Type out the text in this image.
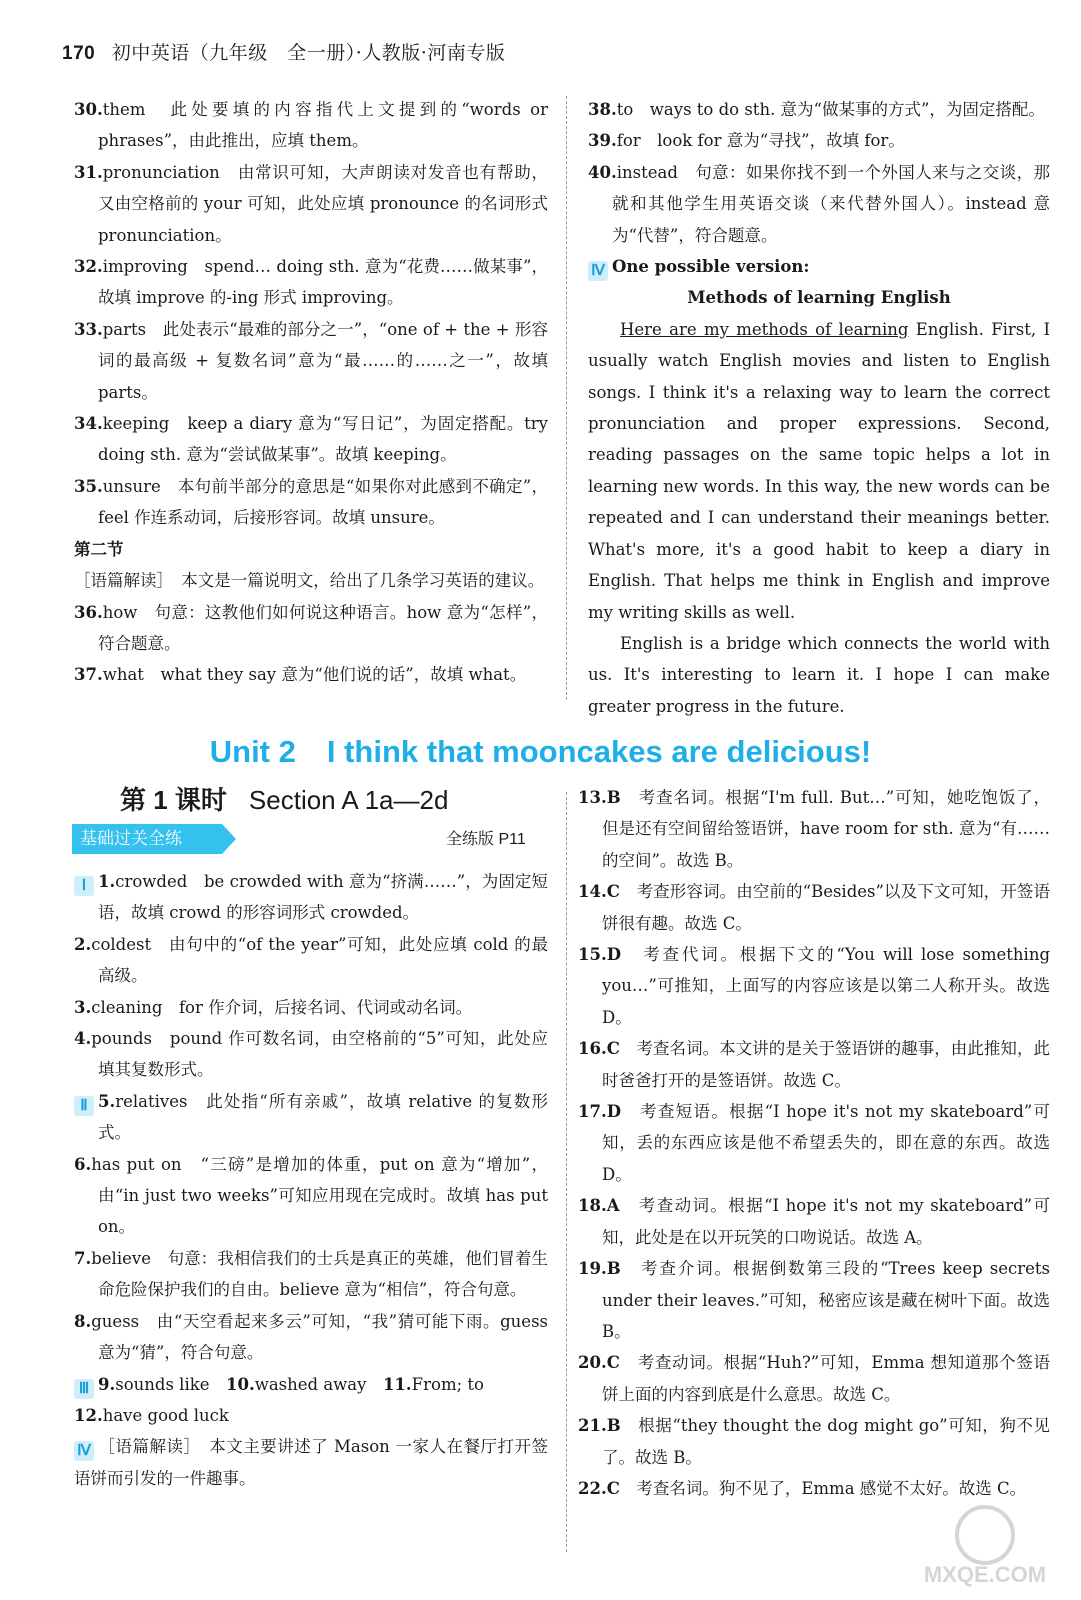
170 初中英语（九年级　全一册）·人教版·河南专版

30.them　 此处要填的内容指代上文提到的“words or phrases”，由此推出，应填 them。

31.pronunciation　 由常识可知，大声朗读对发音也有帮助，又由空格前的 your 可知，此处应填 pronounce 的名词形式 pronunciation。

32.improving　 spend… doing sth. 意为“花费……做某事”，故填 improve 的-ing 形式 improving。

33.parts　 此处表示“最难的部分之一”，“one of + the + 形容词的最高级 + 复数名词”意为“最……的……之一”，故填 parts。

34.keeping　 keep a diary 意为“写日记”，为固定搭配。try doing sth. 意为“尝试做某事”。故填 keeping。

35.unsure　 本句前半部分的意思是“如果你对此感到不确定”，feel 作连系动词，后接形容词。故填 unsure。

第二节

［语篇解读］　 本文是一篇说明文，给出了几条学习英语的建议。

36.how　 句意：这教他们如何说这种语言。how 意为“怎样”，符合题意。

37.what　 what they say 意为“他们说的话”，故填 what。

38.to　 ways to do sth. 意为“做某事的方式”，为固定搭配。

39.for　 look for 意为“寻找”，故填 for。

40.instead　 句意：如果你找不到一个外国人来与之交谈，那就和其他学生用英语交谈（来代替外国人）。instead 意为“代替”，符合题意。

Ⅳ One possible version:

Methods of learning English

Here are my methods of learning English. First, I usually watch English movies and listen to English songs. I think it's a relaxing way to learn the correct pronunciation and proper expressions. Second, reading passages on the same topic helps a lot in learning new words. In this way, the new words can be repeated and I can understand their meanings better. What's more, it's a good habit to keep a diary in English. That helps me think in English and improve my writing skills as well.

English is a bridge which connects the world with us. It's interesting to learn it. I hope I can make greater progress in the future.

Unit 2　I think that mooncakes are delicious!
第 1 课时 Section A 1a—2d
基础过关全练	全练版 P11

Ⅰ 1.crowded　 be crowded with 意为“挤满……”，为固定短语，故填 crowd 的形容词形式 crowded。

2.coldest　 由句中的“of the year”可知，此处应填 cold 的最高级。

3.cleaning　 for 作介词，后接名词、代词或动名词。

4.pounds　 pound 作可数名词，由空格前的“5”可知，此处应填其复数形式。

Ⅱ 5.relatives　 此处指“所有亲戚”，故填 relative 的复数形式。

6.has put on　 “三磅”是增加的体重，put on 意为“增加”，由“in just two weeks”可知应用现在完成时。故填 has put on。

7.believe　 句意：我相信我们的士兵是真正的英雄，他们冒着生命危险保护我们的自由。believe 意为“相信”，符合句意。

8.guess　 由“天空看起来多云”可知，“我”猜可能下雨。guess 意为“猜”，符合句意。

Ⅲ 9.sounds like　 10.washed away　 11.From; to

12.have good luck

Ⅳ ［语篇解读］　 本文主要讲述了 Mason 一家人在餐厅打开签语饼而引发的一件趣事。

13.B　 考查名词。根据“I'm full. But…”可知，她吃饱饭了，但是还有空间留给签语饼，have room for sth. 意为“有……的空间”。故选 B。

14.C　 考查形容词。由空前的“Besides”以及下文可知，开签语饼很有趣。故选 C。

15.D　 考查代词。根据下文的“You will lose something you…”可推知，上面写的内容应该是以第二人称开头。故选 D。

16.C　 考查名词。本文讲的是关于签语饼的趣事，由此推知，此时爸爸打开的是签语饼。故选 C。

17.D　 考查短语。根据“I hope it's not my skateboard”可知，丢的东西应该是他不希望丢失的，即在意的东西。故选 D。

18.A　 考查动词。根据“I hope it's not my skateboard”可知，此处是在以开玩笑的口吻说话。故选 A。

19.B　 考查介词。根据倒数第三段的“Trees keep secrets under their leaves.”可知，秘密应该是藏在树叶下面。故选 B。

20.C　 考查动词。根据“Huh?”可知，Emma 想知道那个签语饼上面的内容到底是什么意思。故选 C。

21.B　 根据“they thought the dog might go”可知，狗不见了。故选 B。

22.C　 考查名词。狗不见了，Emma 感觉不太好。故选 C。

MXQE.COM
